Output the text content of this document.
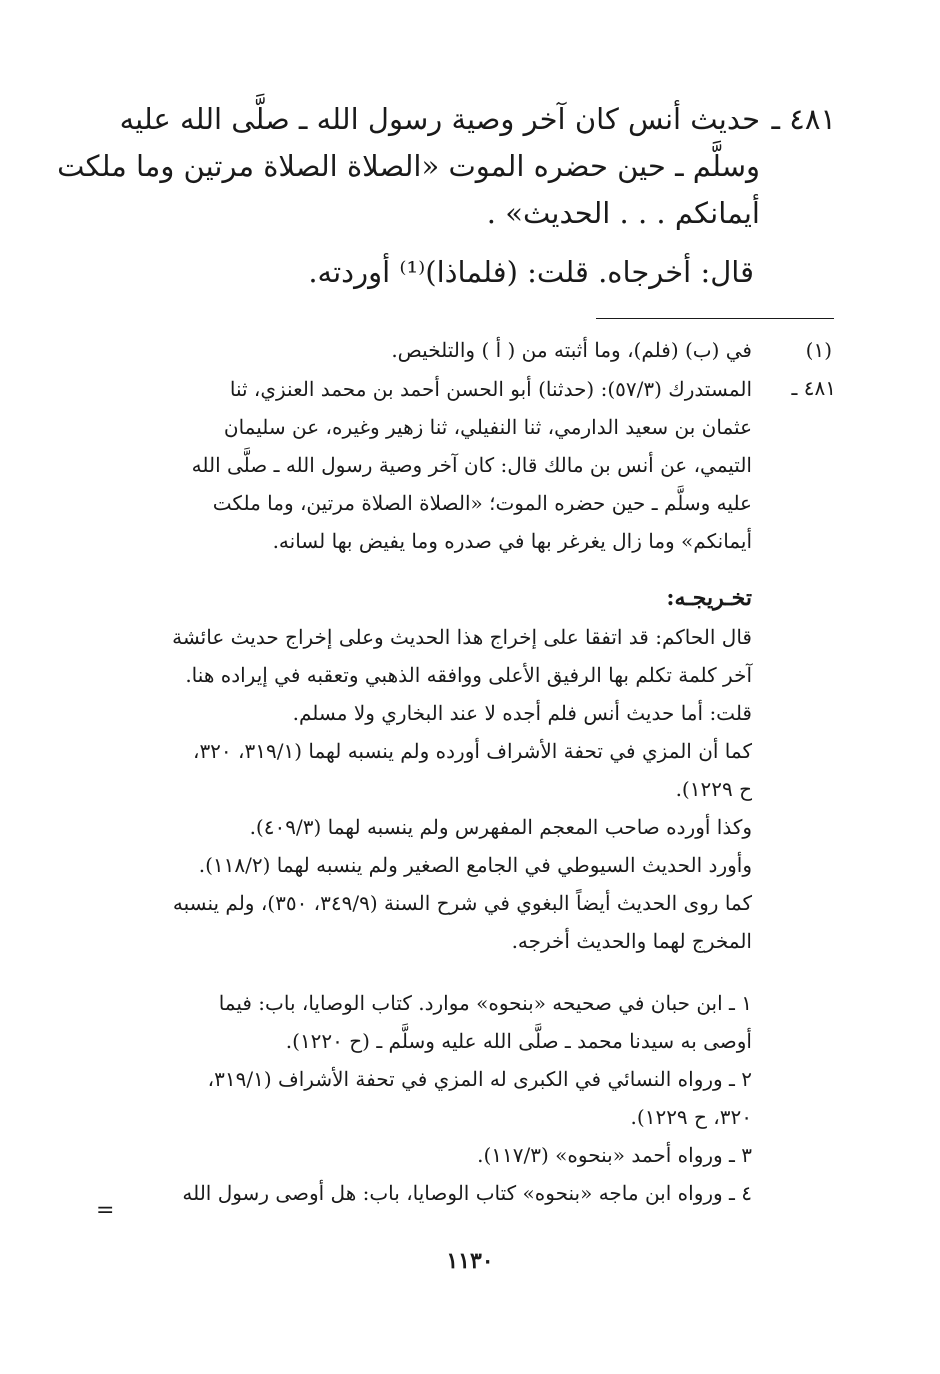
٤٨١ ـ
حديث أنس كان آخر وصية رسول الله ـ صلَّى الله عليه
وسلَّم ـ حين حضره الموت «الصلاة الصلاة مرتين وما ملكت
أيمانكم . . . الحديث» .
قال: أخرجاه. قلت: (فلماذا)⁽¹⁾ أوردته.
(١)
في (ب) (فلم)، وما أثبته من ( أ ) والتلخيص.
٤٨١ ـ
المستدرك (٥٧/٣): (حدثنا) أبو الحسن أحمد بن محمد العنزي، ثنا
عثمان بن سعيد الدارمي، ثنا النفيلي، ثنا زهير وغيره، عن سليمان
التيمي، عن أنس بن مالك قال: كان آخر وصية رسول الله ـ صلَّى الله
عليه وسلَّم ـ حين حضره الموت؛ «الصلاة الصلاة مرتين، وما ملكت
أيمانكم» وما زال يغرغر بها في صدره وما يفيض بها لسانه.
تخـريجـه:
قال الحاكم: قد اتفقا على إخراج هذا الحديث وعلى إخراج حديث عائشة
آخر كلمة تكلم بها الرفيق الأعلى ووافقه الذهبي وتعقبه في إيراده هنا.
قلت: أما حديث أنس فلم أجده لا عند البخاري ولا مسلم.
كما أن المزي في تحفة الأشراف أورده ولم ينسبه لهما (٣١٩/١، ٣٢٠،
ح ١٢٢٩).
وكذا أورده صاحب المعجم المفهرس ولم ينسبه لهما (٤٠٩/٣).
وأورد الحديث السيوطي في الجامع الصغير ولم ينسبه لهما (١١٨/٢).
كما روى الحديث أيضاً البغوي في شرح السنة (٣٤٩/٩، ٣٥٠)، ولم ينسبه
المخرج لهما والحديث أخرجه.
١ ـ ابن حبان في صحيحه «بنحوه» موارد. كتاب الوصايا، باب: فيما
أوصى به سيدنا محمد ـ صلَّى الله عليه وسلَّم ـ (ح ١٢٢٠).
٢ ـ ورواه النسائي في الكبرى له المزي في تحفة الأشراف (٣١٩/١،
٣٢٠، ح ١٢٢٩).
٣ ـ ورواه أحمد «بنحوه» (١١٧/٣).
٤ ـ ورواه ابن ماجه «بنحوه» كتاب الوصايا، باب: هل أوصى رسول الله
=
١١٣٠
